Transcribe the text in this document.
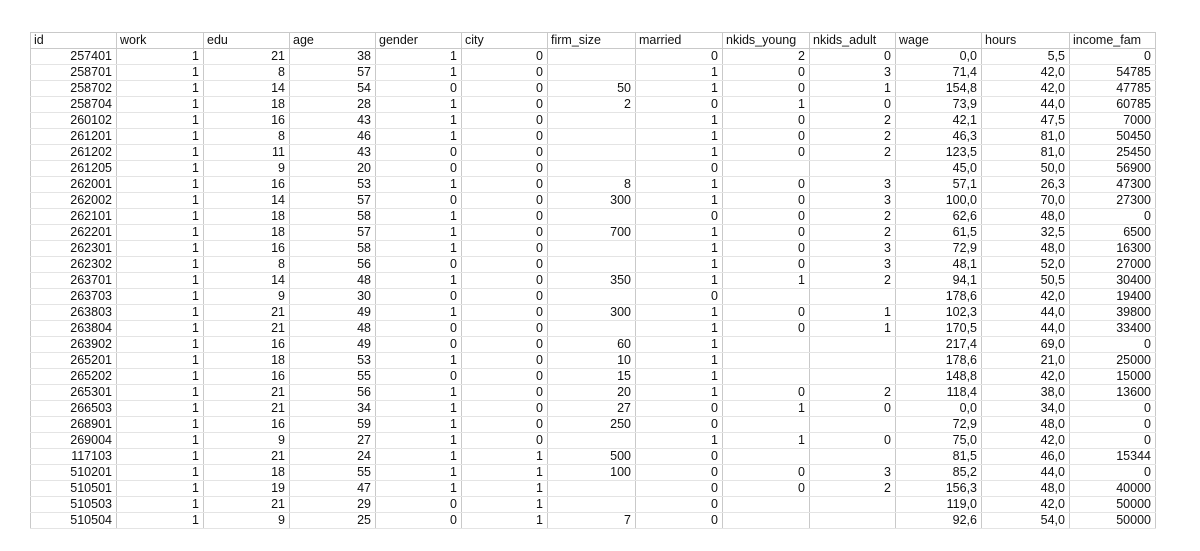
id	work	edu	age	gender	city	firm_size	married	nkids_young	nkids_adult	wage	hours	income_fam
257401	1	21	38	1	0		0	2	0	0,0	5,5	0
258701	1	8	57	1	0		1	0	3	71,4	42,0	54785
258702	1	14	54	0	0	50	1	0	1	154,8	42,0	47785
258704	1	18	28	1	0	2	0	1	0	73,9	44,0	60785
260102	1	16	43	1	0		1	0	2	42,1	47,5	7000
261201	1	8	46	1	0		1	0	2	46,3	81,0	50450
261202	1	11	43	0	0		1	0	2	123,5	81,0	25450
261205	1	9	20	0	0		0			45,0	50,0	56900
262001	1	16	53	1	0	8	1	0	3	57,1	26,3	47300
262002	1	14	57	0	0	300	1	0	3	100,0	70,0	27300
262101	1	18	58	1	0		0	0	2	62,6	48,0	0
262201	1	18	57	1	0	700	1	0	2	61,5	32,5	6500
262301	1	16	58	1	0		1	0	3	72,9	48,0	16300
262302	1	8	56	0	0		1	0	3	48,1	52,0	27000
263701	1	14	48	1	0	350	1	1	2	94,1	50,5	30400
263703	1	9	30	0	0		0			178,6	42,0	19400
263803	1	21	49	1	0	300	1	0	1	102,3	44,0	39800
263804	1	21	48	0	0		1	0	1	170,5	44,0	33400
263902	1	16	49	0	0	60	1			217,4	69,0	0
265201	1	18	53	1	0	10	1			178,6	21,0	25000
265202	1	16	55	0	0	15	1			148,8	42,0	15000
265301	1	21	56	1	0	20	1	0	2	118,4	38,0	13600
266503	1	21	34	1	0	27	0	1	0	0,0	34,0	0
268901	1	16	59	1	0	250	0			72,9	48,0	0
269004	1	9	27	1	0		1	1	0	75,0	42,0	0
117103	1	21	24	1	1	500	0			81,5	46,0	15344
510201	1	18	55	1	1	100	0	0	3	85,2	44,0	0
510501	1	19	47	1	1		0	0	2	156,3	48,0	40000
510503	1	21	29	0	1		0			119,0	42,0	50000
510504	1	9	25	0	1	7	0			92,6	54,0	50000
